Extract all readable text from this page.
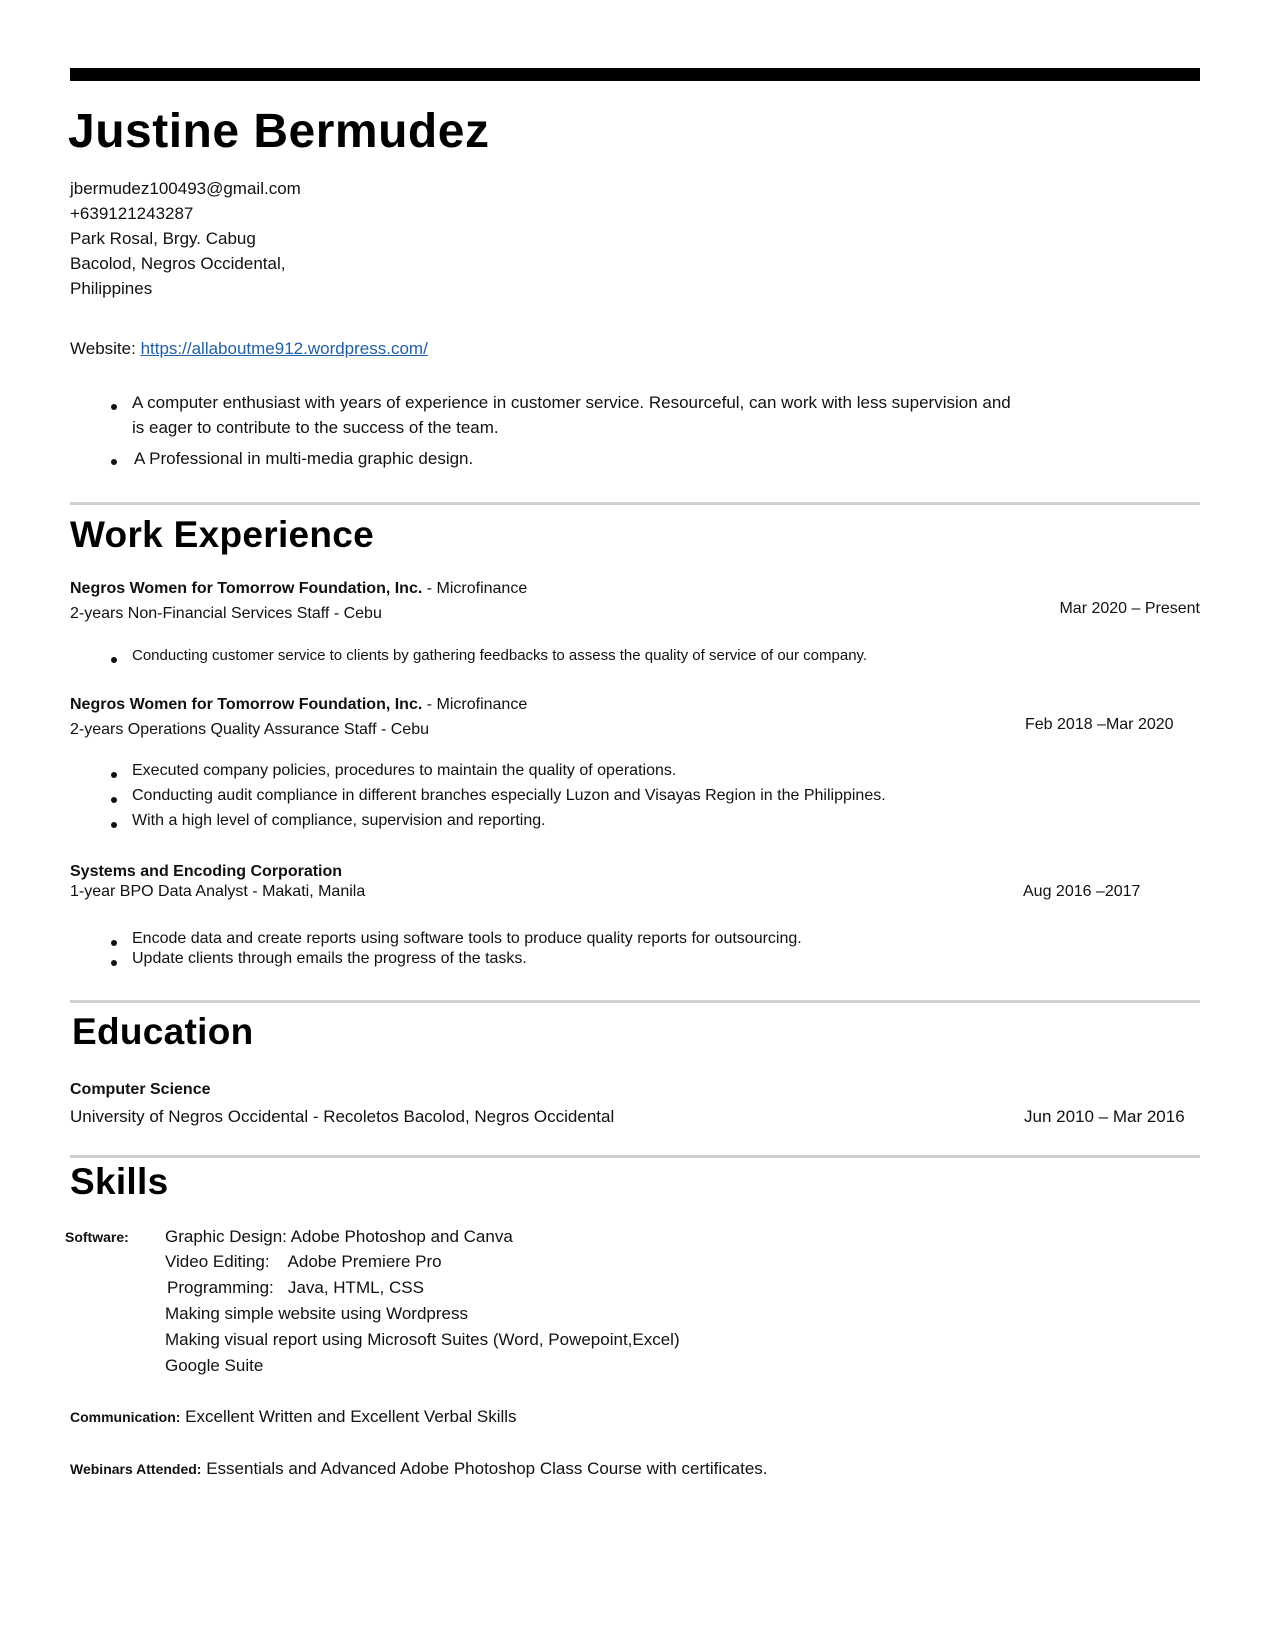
Justine Bermudez
jbermudez100493@gmail.com
+639121243287
Park Rosal, Brgy. Cabug
Bacolod, Negros Occidental,
Philippines
Website: https://allaboutme912.wordpress.com/
A computer enthusiast with years of experience in customer service. Resourceful, can work with less supervision and
is eager to contribute to the success of the team.
A Professional in multi-media graphic design.
Work Experience
Negros Women for Tomorrow Foundation, Inc. - Microfinance
2-years Non-Financial Services Staff - Cebu	Mar 2020 – Present
Conducting customer service to clients by gathering feedbacks to assess the quality of service of our company.
Negros Women for Tomorrow Foundation, Inc. - Microfinance
2-years Operations Quality Assurance Staff - Cebu	Feb 2018 –Mar 2020
Executed company policies, procedures to maintain the quality of operations.
Conducting audit compliance in different branches especially Luzon and Visayas Region in the Philippines.
With a high level of compliance, supervision and reporting.
Systems and Encoding Corporation
1-year BPO Data Analyst - Makati, Manila	Aug 2016 –2017
Encode data and create reports using software tools to produce quality reports for outsourcing.
Update clients through emails the progress of the tasks.
Education
Computer Science
University of Negros Occidental - Recoletos Bacolod, Negros Occidental	Jun 2010 – Mar 2016
Skills
Software: Graphic Design: Adobe Photoshop and Canva
Video Editing:    Adobe Premiere Pro
Programming:   Java, HTML, CSS
Making simple website using Wordpress
Making visual report using Microsoft Suites (Word, Powepoint,Excel)
Google Suite
Communication: Excellent Written and Excellent Verbal Skills
Webinars Attended: Essentials and Advanced Adobe Photoshop Class Course with certificates.
